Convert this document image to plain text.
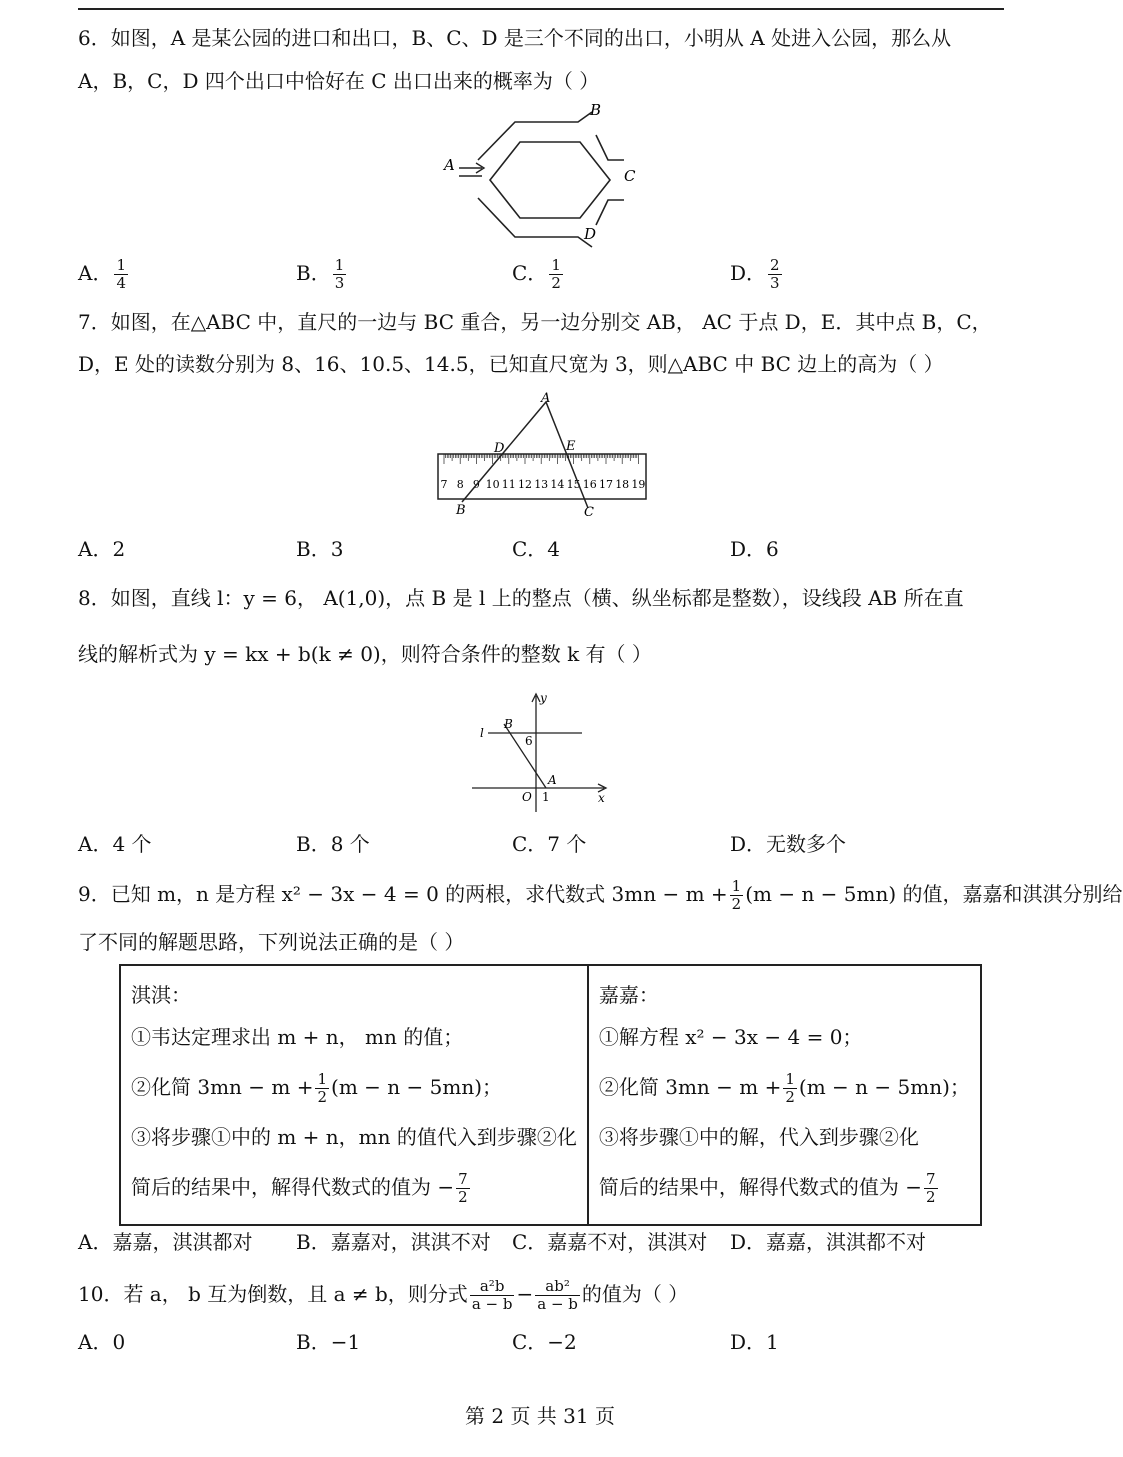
6．如图，A 是某公园的进口和出口，B、C、D 是三个不同的出口，小明从 A 处进入公园，那么从
A，B，C，D 四个出口中恰好在 C 出口出来的概率为（ ）
A
B
C
D
A． $\frac{1}{4}$	B． $\frac{1}{3}$	C． $\frac{1}{2}$	D． $\frac{2}{3}$
7．如图，在△ABC 中，直尺的一边与 BC 重合，另一边分别交 AB， AC 于点 D，E．其中点 B，C，
D，E 处的读数分别为 8、16、10.5、14.5，已知直尺宽为 3，则△ABC 中 BC 边上的高为（ ）
7 8 9 10 11 12 13 14 15 16 17 18 19
A
D	E
B	C
A．2	B．3	C．4	D．6
8．如图，直线 l：y = 6， A(1,0)，点 B 是 l 上的整点（横、纵坐标都是整数），设线段 AB 所在直
线的解析式为 y = kx + b(k ≠ 0)，则符合条件的整数 k 有（ ）
l
B
6
A
O 1	x
y
A．4 个	B．8 个	C．7 个	D．无数多个
9．已知 m，n 是方程 x² − 3x − 4 = 0 的两根，求代数式 $3mn - m + \frac{1}{2} (m - n - 5mn)$ 的值，嘉嘉和淇淇分别给
了不同的解题思路，下列说法正确的是（ ）
淇淇：
①韦达定理求出 m + n， mn 的值；
②化简 $3mn - m + \frac{1}{2} (m - n - 5mn)$；
③将步骤①中的 m + n，mn 的值代入到步骤②化
简后的结果中，解得代数式的值为 − $\frac{7}{2}$

嘉嘉：
①解方程 x² − 3x − 4 = 0；
②化简 $3mn - m + \frac{1}{2} (m - n - 5mn)$；
③将步骤①中的解，代入到步骤②化
简后的结果中，解得代数式的值为 − $\frac{7}{2}$
A．嘉嘉，淇淇都对 B．嘉嘉对，淇淇不对 C．嘉嘉不对，淇淇对 D．嘉嘉，淇淇都不对
10．若 a， b 互为倒数，且 a ≠ b，则分式 $\frac{\text{a²b}}{a - b} - \frac{\text{ab²}}{a - b}$ 的值为（ ）
A．0	B．−1	C．−2	D．1
第 2 页 共 31 页
